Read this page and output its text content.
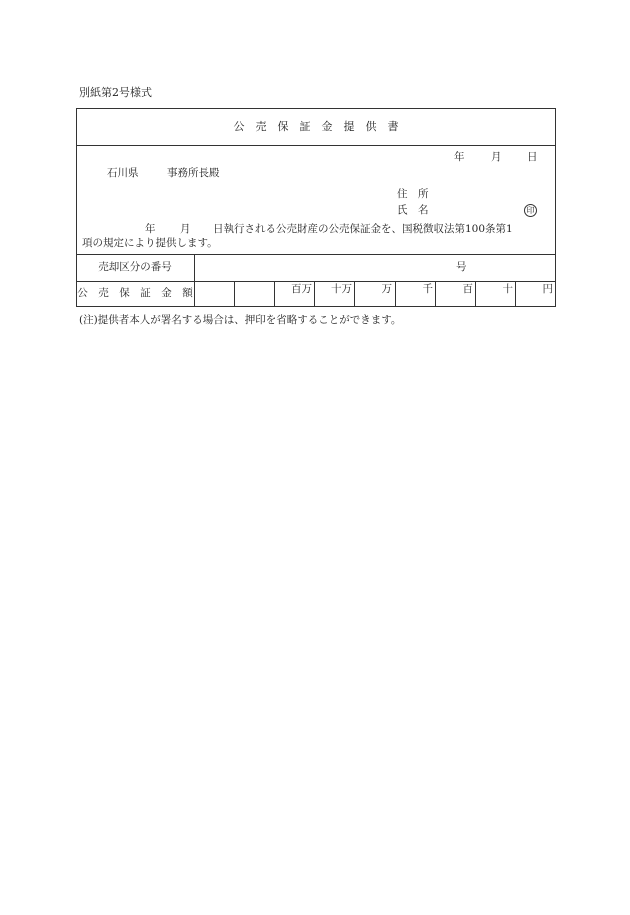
別紙第2号様式
公　売　保　証　金　提　供　書
年	月 日
石川県	事務所長殿
住　所
氏　名	印
年 月 日執行される公売財産の公売保証金を、国税徴収法第100条第1
項の規定により提供します。
売却区分の番号	号
公　売　保　証　金　額	百万	十万	万	千	百	十	円
(注)提供者本人が署名する場合は、押印を省略することができます。
